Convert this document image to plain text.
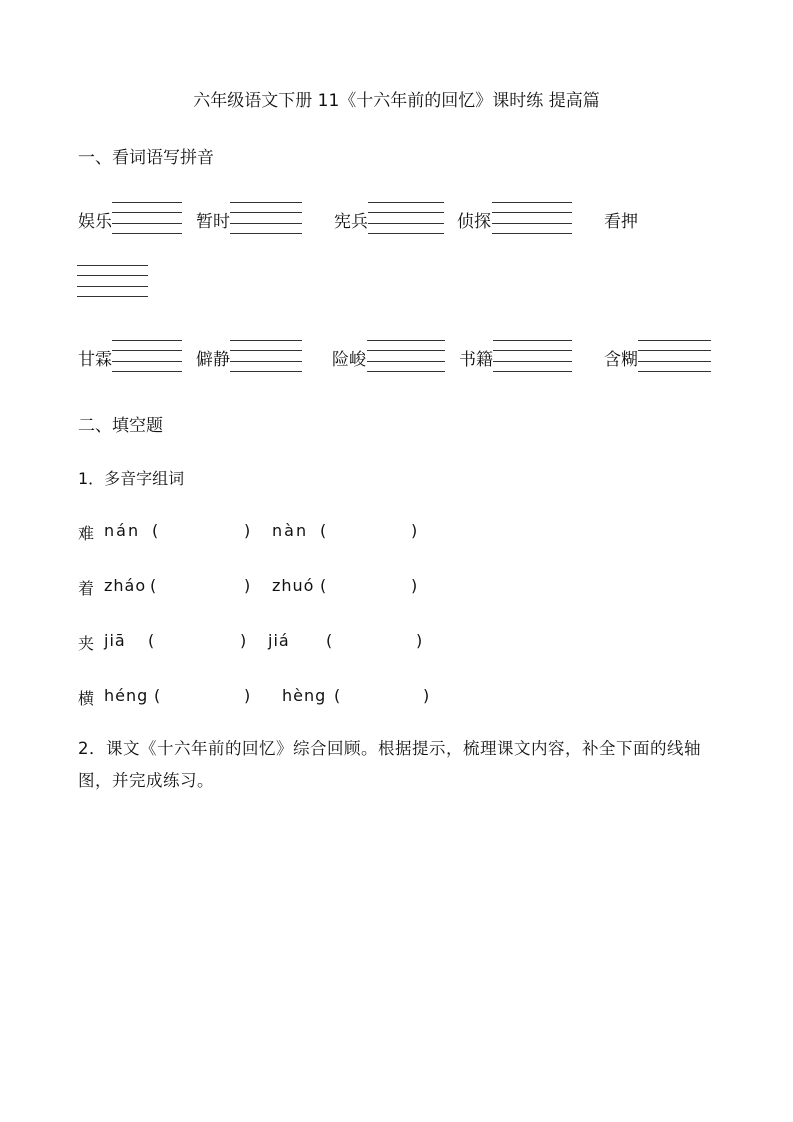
六年级语文下册 11《十六年前的回忆》课时练 提高篇
一、看词语写拼音
娱乐	暂时	宪兵	侦探	看押
甘霖	僻静	险峻	书籍	含糊
二、填空题
1．多音字组词
难 nán (	) nàn (	)
着 zháo (	) zhuó (	)
夹 jiā (	) jiá (	)
横 héng (	) hèng (	)
2．课文《十六年前的回忆》综合回顾。根据提示，梳理课文内容，补全下面的线轴图，并完成练习。
